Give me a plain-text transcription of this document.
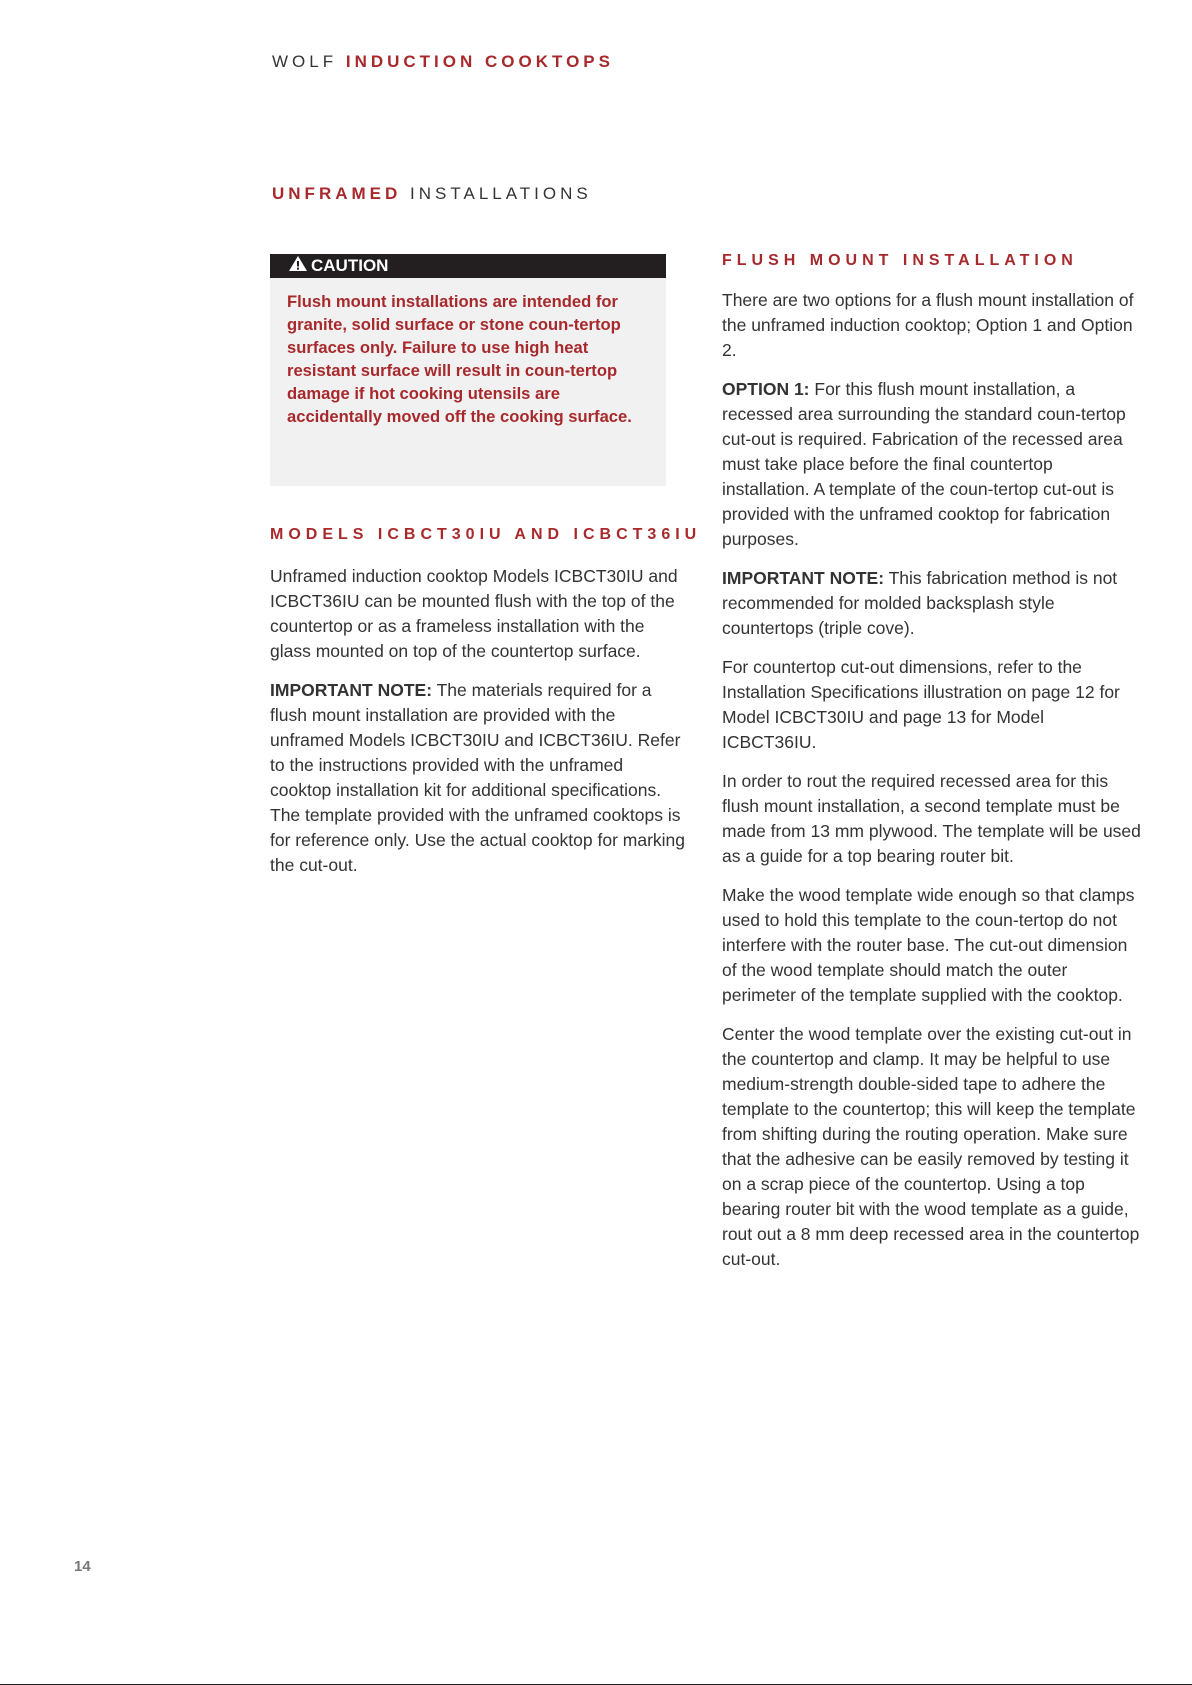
WOLF INDUCTION COOKTOPS
UNFRAMED INSTALLATIONS
CAUTION
Flush mount installations are intended for granite, solid surface or stone coun-tertop surfaces only. Failure to use high heat resistant surface will result in coun-tertop damage if hot cooking utensils are accidentally moved off the cooking surface.
MODELS ICBCT30IU AND ICBCT36IU

Unframed induction cooktop Models ICBCT30IU and ICBCT36IU can be mounted flush with the top of the countertop or as a frameless installation with the glass mounted on top of the countertop surface.

IMPORTANT NOTE: The materials required for a flush mount installation are provided with the unframed Models ICBCT30IU and ICBCT36IU. Refer to the instructions provided with the unframed cooktop installation kit for additional specifications. The template provided with the unframed cooktops is for reference only. Use the actual cooktop for marking the cut-out.

FLUSH MOUNT INSTALLATION

There are two options for a flush mount installation of the unframed induction cooktop; Option 1 and Option 2.

OPTION 1: For this flush mount installation, a recessed area surrounding the standard coun-tertop cut-out is required. Fabrication of the recessed area must take place before the final countertop installation. A template of the coun-tertop cut-out is provided with the unframed cooktop for fabrication purposes.

IMPORTANT NOTE: This fabrication method is not recommended for molded backsplash style countertops (triple cove).

For countertop cut-out dimensions, refer to the Installation Specifications illustration on page 12 for Model ICBCT30IU and page 13 for Model ICBCT36IU.

In order to rout the required recessed area for this flush mount installation, a second template must be made from 13 mm plywood. The template will be used as a guide for a top bearing router bit.

Make the wood template wide enough so that clamps used to hold this template to the coun-tertop do not interfere with the router base. The cut-out dimension of the wood template should match the outer perimeter of the template supplied with the cooktop.

Center the wood template over the existing cut-out in the countertop and clamp. It may be helpful to use medium-strength double-sided tape to adhere the template to the countertop; this will keep the template from shifting during the routing operation. Make sure that the adhesive can be easily removed by testing it on a scrap piece of the countertop. Using a top bearing router bit with the wood template as a guide, rout out a 8 mm deep recessed area in the countertop cut-out.

14
